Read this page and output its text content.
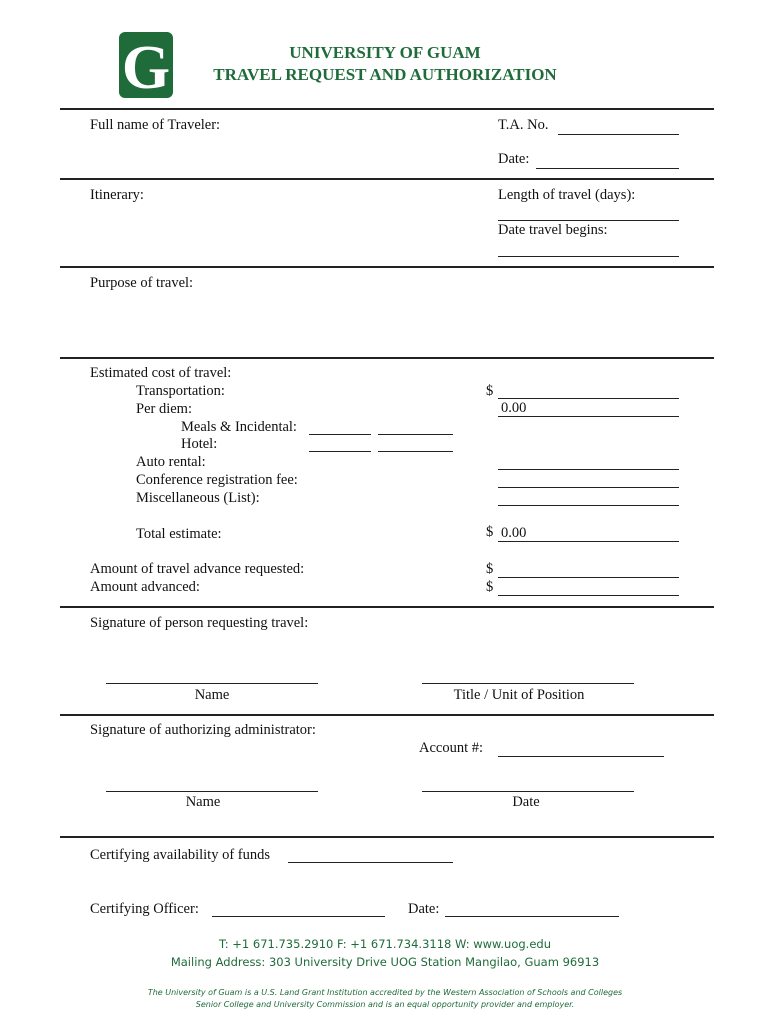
G	UNIVERSITY OF GUAM
TRAVEL REQUEST AND AUTHORIZATION
Full name of Traveler:	T.A. No.
Date:
Itinerary:	Length of travel (days):
Date travel begins:
Purpose of travel:
Estimated cost of travel:
Transportation:	$
Per diem:	0.00
Meals & Incidental:
Hotel:
Auto rental:
Conference registration fee:
Miscellaneous (List):
Total estimate:	$ 0.00
Amount of travel advance requested:	$
Amount advanced:	$
Signature of person requesting travel:
Name	Title / Unit of Position
Signature of authorizing administrator:
Account #:
Name	Date
Certifying availability of funds
Certifying Officer:	Date:
T: +1 671.735.2910 F: +1 671.734.3118 W: www.uog.edu
Mailing Address: 303 University Drive UOG Station Mangilao, Guam 96913
The University of Guam is a U.S. Land Grant Institution accredited by the Western Association of Schools and Colleges
Senior College and University Commission and is an equal opportunity provider and employer.
